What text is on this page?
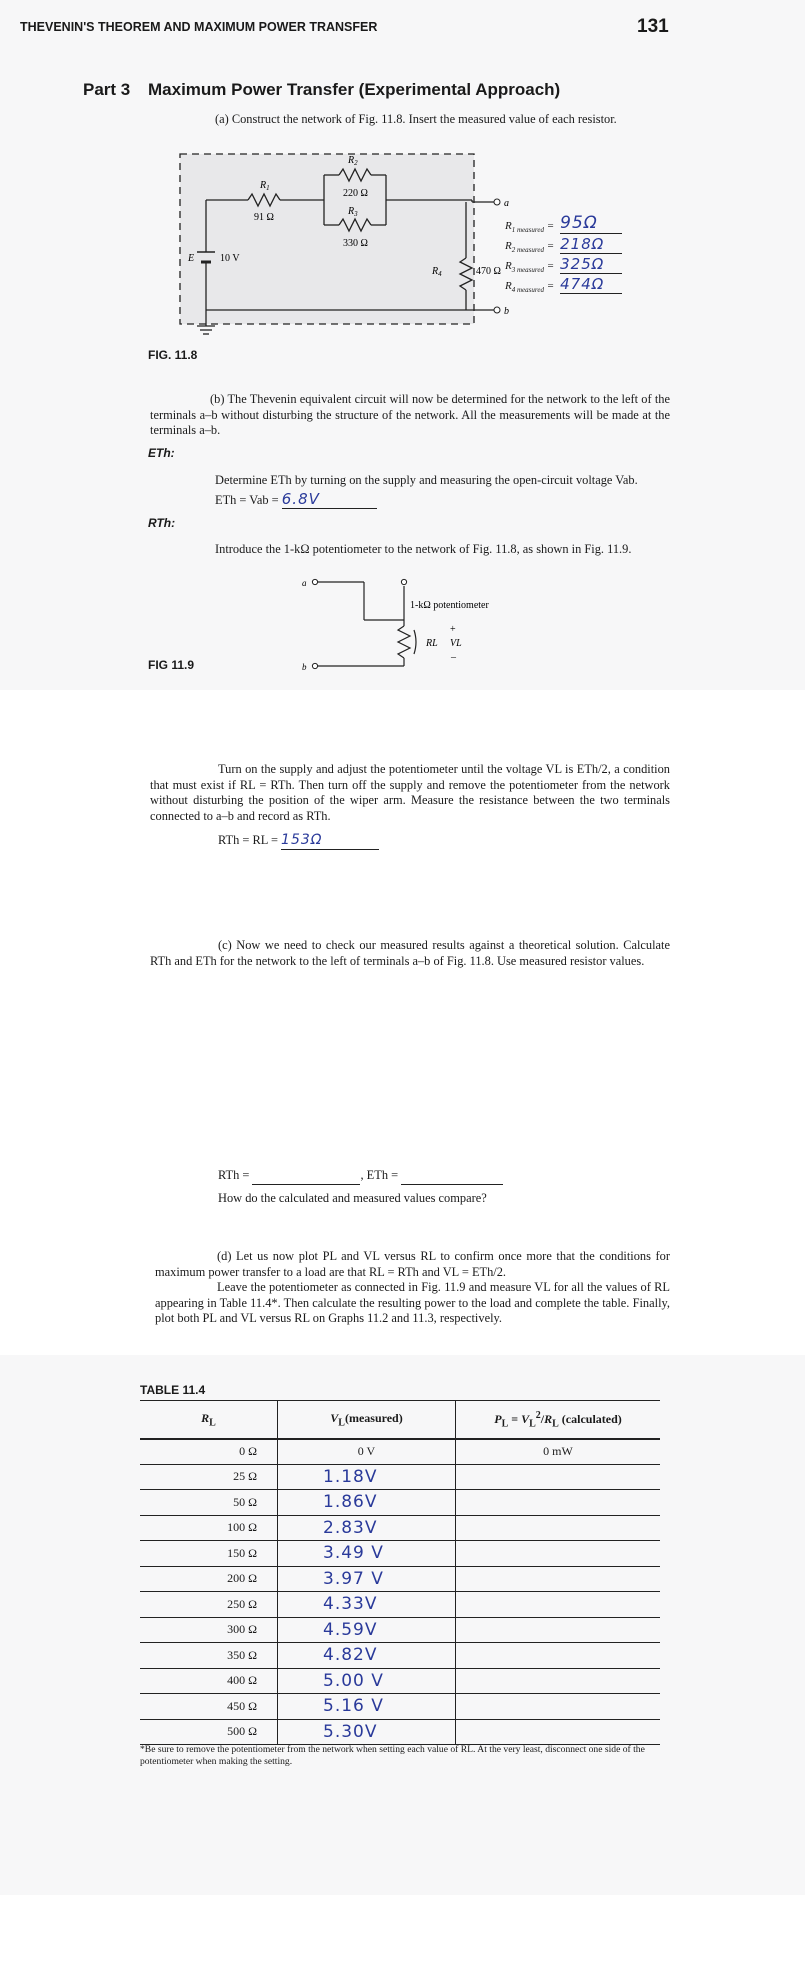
THEVENIN'S THEOREM AND MAXIMUM POWER TRANSFER	131
Part 3 Maximum Power Transfer (Experimental Approach)
(a) Construct the network of Fig. 11.8. Insert the measured value of each resistor.
$R_1$
91 Ω
$R_2$
220 Ω
$R_3$
330 Ω
$R_4$	470 Ω
E	10 V
a
b
$R_{1 measured} = 95\Omega$
$R_{2 measured} = 218\Omega$
$R_{3 measured} = 325\Omega$
$R_{4 measured} = 474\Omega$
FIG. 11.8
(b) The Thevenin equivalent circuit will now be determined for the network to the left of the terminals a–b without disturbing the structure of the network. All the measurements will be made at the terminals a–b.
ETh:
Determine ETh by turning on the supply and measuring the open-circuit voltage Vab.
ETh = Vab = 6.8V
RTh:
Introduce the 1-kΩ potentiometer to the network of Fig. 11.8, as shown in Fig. 11.9.
a
b
1-kΩ potentiometer
RL VL
+
–
FIG 11.9
Turn on the supply and adjust the potentiometer until the voltage VL is ETh/2, a condition that must exist if RL = RTh. Then turn off the supply and remove the potentiometer from the network without disturbing the position of the wiper arm. Measure the resistance between the two terminals connected to a–b and record as RTh.
RTh = RL = 153Ω
(c) Now we need to check our measured results against a theoretical solution. Calculate RTh and ETh for the network to the left of terminals a–b of Fig. 11.8. Use measured resistor values.
RTh =	, ETh =
How do the calculated and measured values compare?
(d) Let us now plot PL and VL versus RL to confirm once more that the conditions for maximum power transfer to a load are that RL = RTh and VL = ETh/2.
Leave the potentiometer as connected in Fig. 11.9 and measure VL for all the values of RL appearing in Table 11.4*. Then calculate the resulting power to the load and complete the table. Finally, plot both PL and VL versus RL on Graphs 11.2 and 11.3, respectively.
TABLE 11.4
$R_L$	$V_L(measured)$	$P_L = V_L^2/R_L$ (calculated)
0 Ω	0 V	0 mW
25 Ω	1.18V	
50 Ω	1.86V	
100 Ω	2.83V	
150 Ω	3.49 V	
200 Ω	3.97 V	
250 Ω	4.33V	
300 Ω	4.59V	
350 Ω	4.82V	
400 Ω	5.00 V	
450 Ω	5.16 V	
500 Ω	5.30V	
*Be sure to remove the potentiometer from the network when setting each value of RL. At the very least, disconnect one side of the potentiometer when making the setting.
